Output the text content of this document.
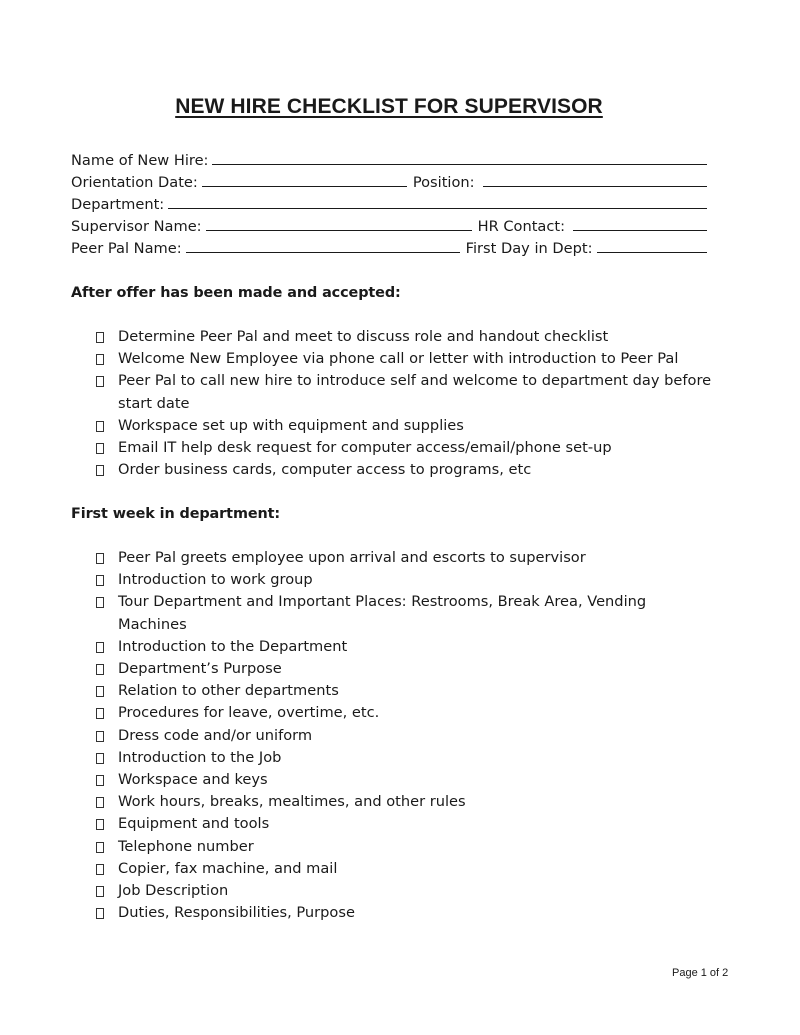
NEW HIRE CHECKLIST FOR SUPERVISOR
Name of New Hire:
Orientation Date:	Position:
Department:
Supervisor Name:	HR Contact:
Peer Pal Name:	First Day in Dept:
After offer has been made and accepted:
Determine Peer Pal and meet to discuss role and handout checklist
Welcome New Employee via phone call or letter with introduction to Peer Pal
Peer Pal to call new hire to introduce self and welcome to department day before start date
Workspace set up with equipment and supplies
Email IT help desk request for computer access/email/phone set-up
Order business cards, computer access to programs, etc
First week in department:
Peer Pal greets employee upon arrival and escorts to supervisor
Introduction to work group
Tour Department and Important Places: Restrooms, Break Area, Vending Machines
Introduction to the Department
Department’s Purpose
Relation to other departments
Procedures for leave, overtime, etc.
Dress code and/or uniform
Introduction to the Job
Workspace and keys
Work hours, breaks, mealtimes, and other rules
Equipment and tools
Telephone number
Copier, fax machine, and mail
Job Description
Duties, Responsibilities, Purpose
Page 1 of 2
